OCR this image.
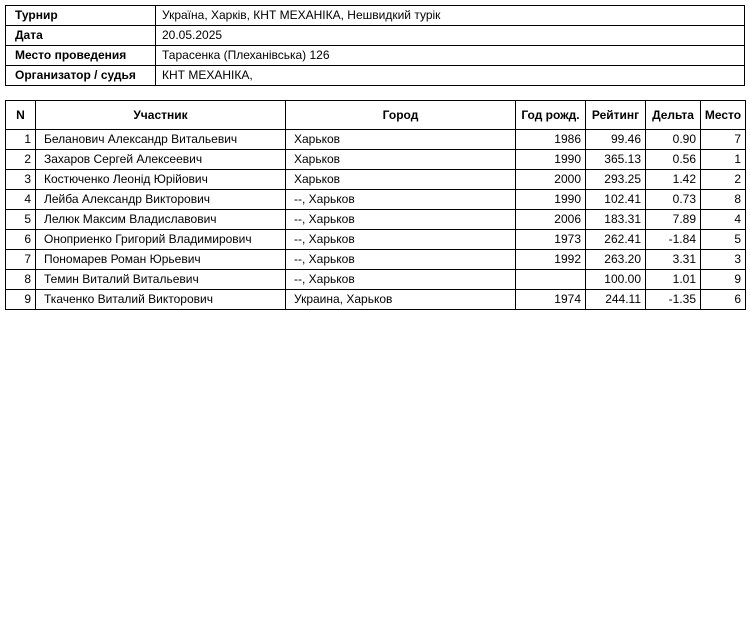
Турнир	Україна, Харків, КНТ МЕХАНІКА, Нешвидкий турік
Дата	20.05.2025
Место проведения	Тарасенка (Плеханівська) 126
Организатор / судья	КНТ МЕХАНІКА,
N	Участник	Город	Год рожд.	Рейтинг	Дельта	Место
1	Беланович Александр Витальевич	Харьков	1986	99.46	0.90	7
2	Захаров Сергей Алексеевич	Харьков	1990	365.13	0.56	1
3	Костюченко Леонід Юрійович	Харьков	2000	293.25	1.42	2
4	Лейба Александр Викторович	--, Харьков	1990	102.41	0.73	8
5	Лелюк Максим Владиславович	--, Харьков	2006	183.31	7.89	4
6	Оноприенко Григорий Владимирович	--, Харьков	1973	262.41	-1.84	5
7	Пономарев Роман Юрьевич	--, Харьков	1992	263.20	3.31	3
8	Темин Виталий Витальевич	--, Харьков		100.00	1.01	9
9	Ткаченко Виталий Викторович	Украина, Харьков	1974	244.11	-1.35	6
